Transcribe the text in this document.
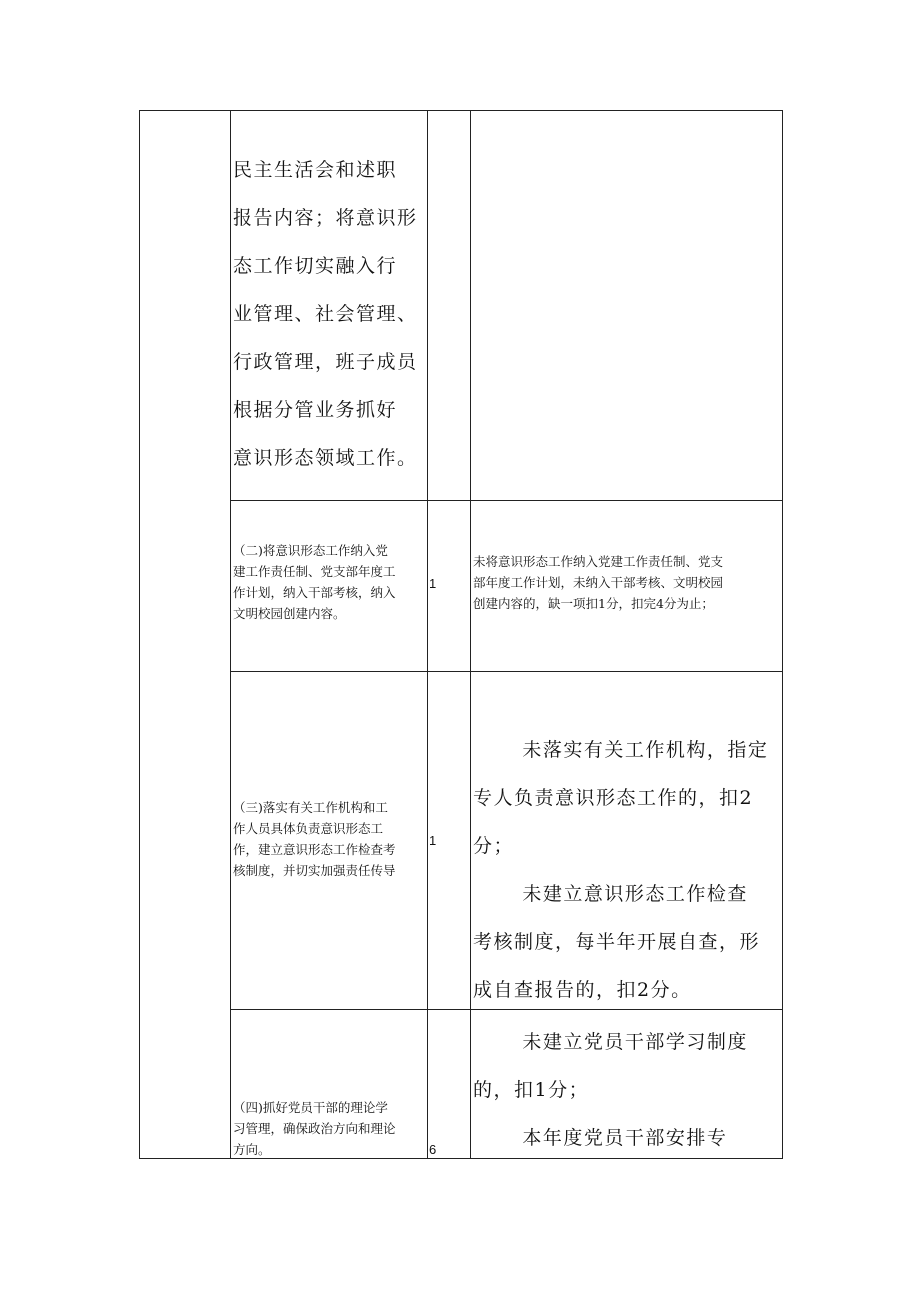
民主生活会和述职
报告内容；将意识形
态工作切实融入行
业管理、社会管理、
行政管理，班子成员
根据分管业务抓好
意识形态领域工作。
（二)将意识形态工作纳入党
建工作责任制、党支部年度工
作计划，纳入干部考核，纳入
文明校园创建内容。
1
未将意识形态工作纳入党建工作责任制、党支
部年度工作计划，未纳入干部考核、文明校园
创建内容的，缺一项扣1分，扣完4分为止；
（三)落实有关工作机构和工
作人员具体负责意识形态工
作，建立意识形态工作检查考
核制度，并切实加强责任传导
1
未落实有关工作机构，指定
专人负责意识形态工作的，扣2分；
未建立意识形态工作检查
考核制度，每半年开展自查，形
成自查报告的，扣2分。
（四)抓好党员干部的理论学
习管理，确保政治方向和理论
方向。	6
未建立党员干部学习制度
的，扣1分；
本年度党员干部安排专
